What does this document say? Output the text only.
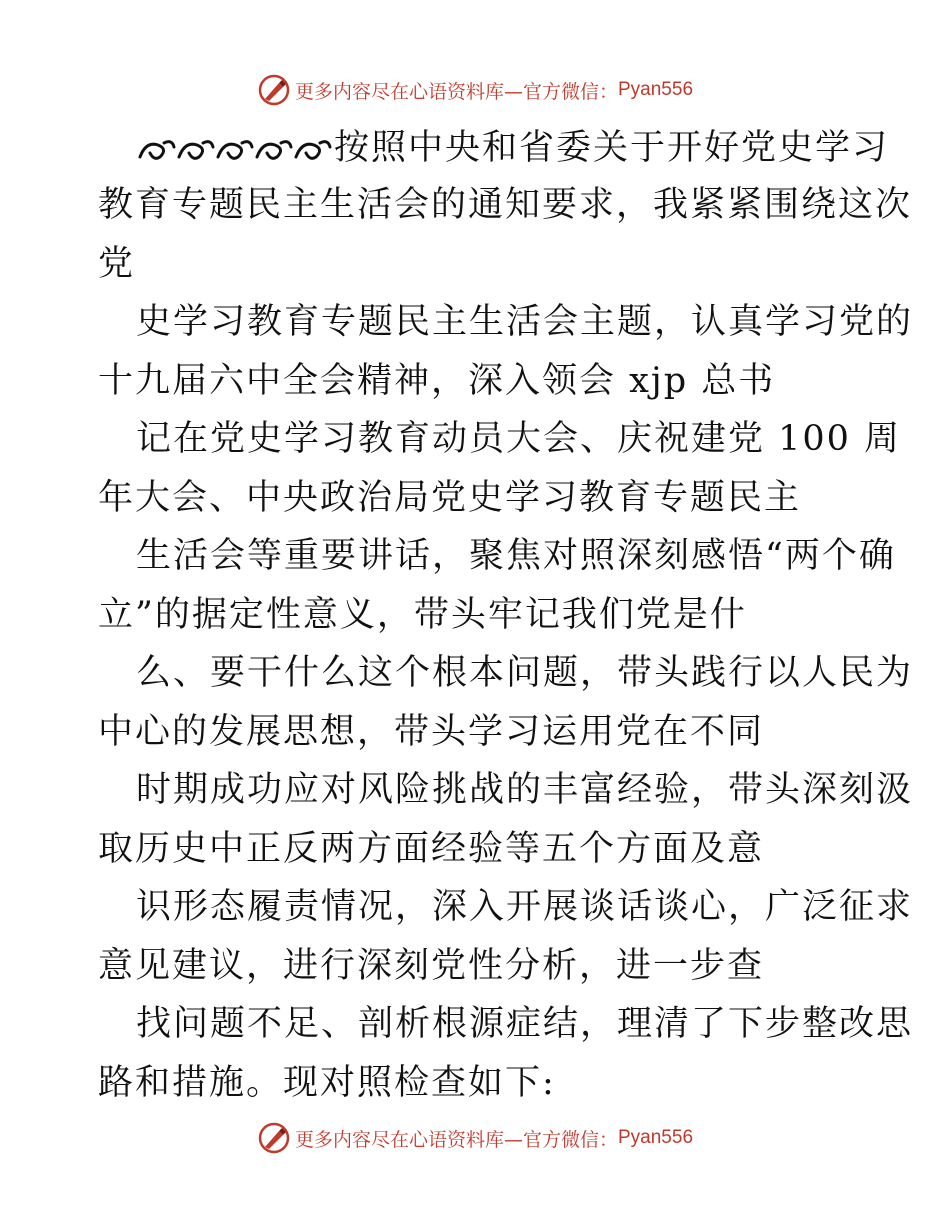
更多内容尽在心语资料库—官方微信： Pyan556
按照中央和省委关于开好党史学习
教育专题民主生活会的通知要求，我紧紧围绕这次
党
史学习教育专题民主生活会主题，认真学习党的
十九届六中全会精神，深入领会 xjp 总书
记在党史学习教育动员大会、庆祝建党 100 周
年大会、中央政治局党史学习教育专题民主
生活会等重要讲话，聚焦对照深刻感悟“两个确
立”的据定性意义，带头牢记我们党是什
么、要干什么这个根本问题，带头践行以人民为
中心的发展思想，带头学习运用党在不同
时期成功应对风险挑战的丰富经验，带头深刻汲
取历史中正反两方面经验等五个方面及意
识形态履责情况，深入开展谈话谈心，广泛征求
意见建议，进行深刻党性分析，进一步查
找问题不足、剖析根源症结，理清了下步整改思
路和措施。现对照检查如下:
更多内容尽在心语资料库—官方微信： Pyan556
